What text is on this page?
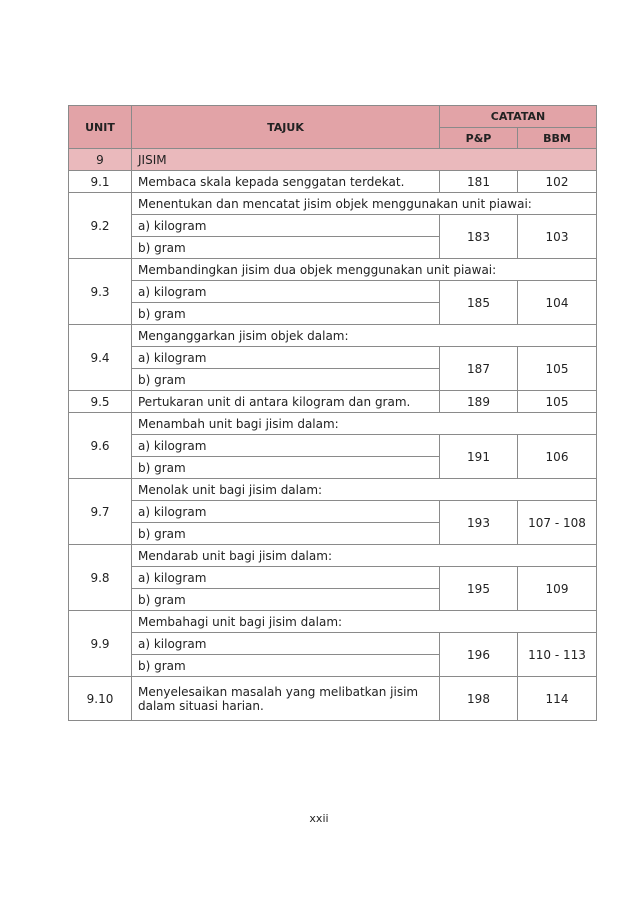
UNIT	TAJUK	CATATAN	
		P&P	BBM
9	JISIM		
9.1	Membaca skala kepada senggatan terdekat.	181	102
9.2	Menentukan dan mencatat jisim objek menggunakan unit piawai:		
	a) kilogram	183	103
	b) gram		
9.3	Membandingkan jisim dua objek menggunakan unit piawai:		
	a) kilogram	185	104
	b) gram		
9.4	Menganggarkan jisim objek dalam:		
	a) kilogram	187	105
	b) gram		
9.5	Pertukaran unit di antara kilogram dan gram.	189	105
9.6	Menambah unit bagi jisim dalam:		
	a) kilogram	191	106
	b) gram		
9.7	Menolak unit bagi jisim dalam:		
	a) kilogram	193	107 - 108
	b) gram		
9.8	Mendarab unit bagi jisim dalam:		
	a) kilogram	195	109
	b) gram		
9.9	Membahagi unit bagi jisim dalam:		
	a) kilogram	196	110 - 113
	b) gram		
9.10	Menyelesaikan masalah yang melibatkan jisim dalam situasi harian.	198	114
xxii
